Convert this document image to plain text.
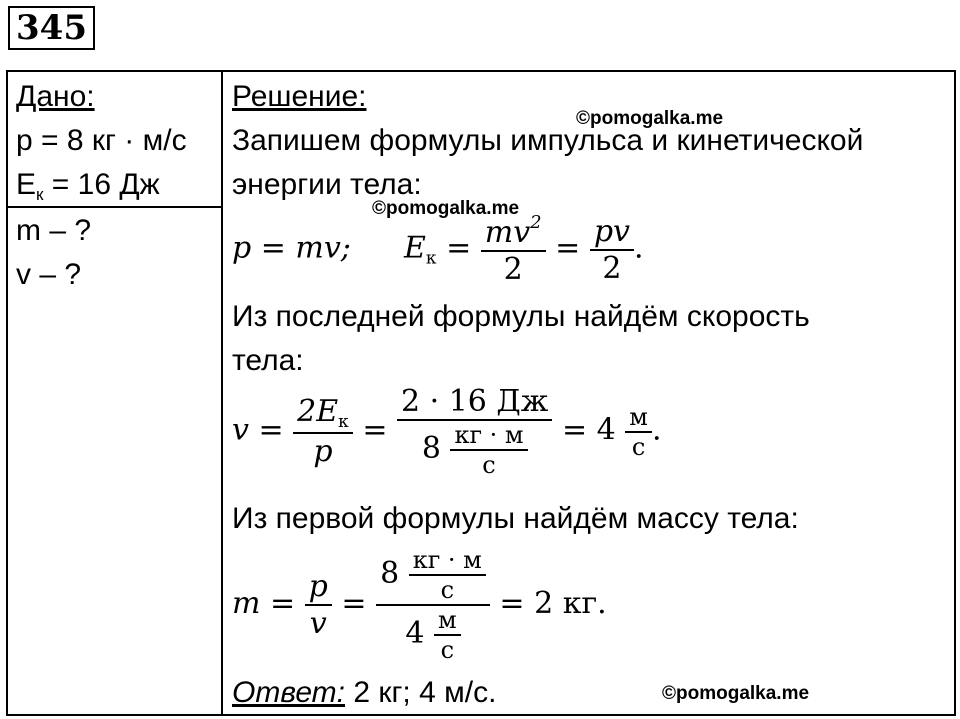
345
Дано:
p = 8 кг · м/с
$E_к = 16$ Дж
m – ?
v – ?
Решение:
Запишем формулы импульса и кинетической
энергии тела:
©pomogalka.me
©pomogalka.me
©pomogalka.me
p = mv; $E_к = \frac{mv^2}{2} = \frac{pv}{2}$ .
Из последней формулы найдём скорость
тела:
$v = \frac{2E_к}{p} = \frac{2 \cdot 16 Дж}{8 \frac{кг \cdot м}{с}} = 4 \frac{м}{с}$ .
Из первой формулы найдём массу тела:
$m = \frac{p}{v} = \frac{8 \frac{кг \cdot м}{с}}{4 \frac{м}{с}} = 2$ кг.
Ответ: 2 кг; 4 м/с.
